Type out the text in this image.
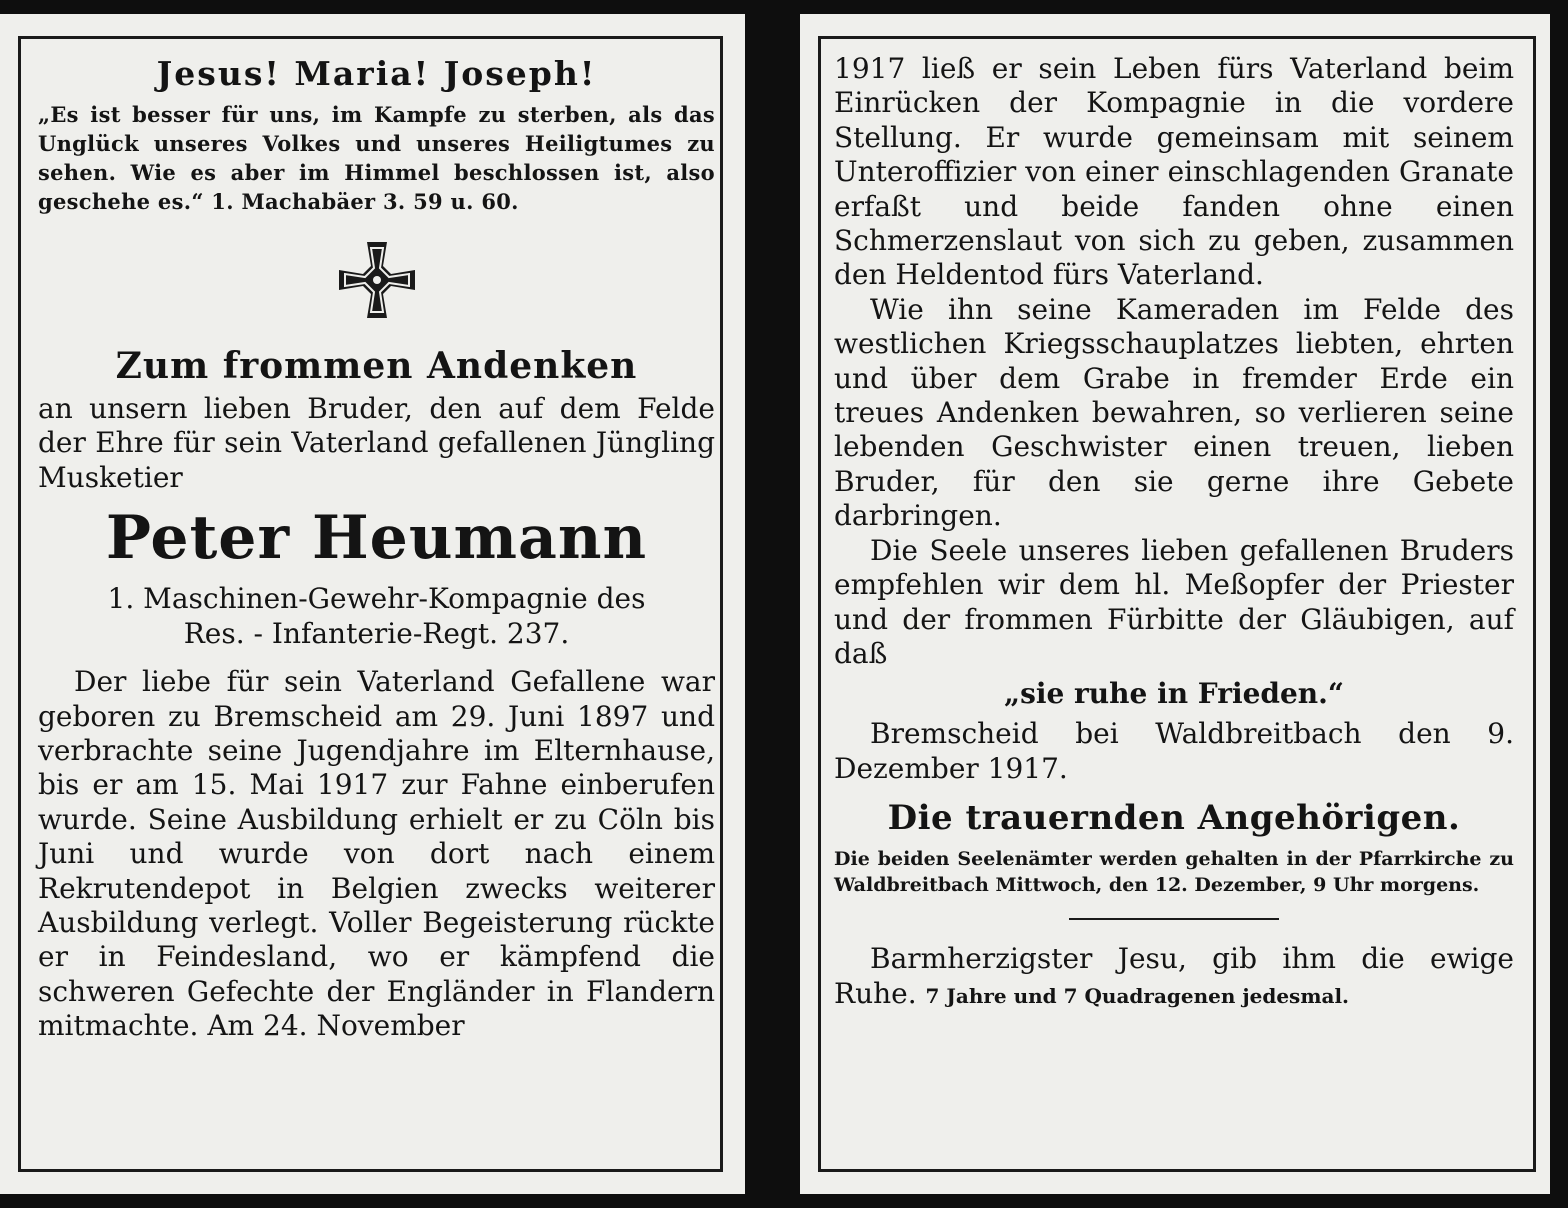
Jesus! Maria! Joseph!

„Es ist besser für uns, im Kampfe zu sterben, als das Unglück unseres Volkes und unseres Heiligtumes zu sehen. Wie es aber im Himmel beschlossen ist, also geschehe es.“ 1. Machabäer 3. 59 u. 60.

Zum frommen Andenken

an unsern lieben Bruder, den auf dem Felde der Ehre für sein Vaterland gefallenen Jüngling Musketier

Peter Heumann

1. Maschinen-Gewehr-Kompagnie des

Res. - Infanterie-Regt. 237.

Der liebe für sein Vaterland Gefallene war geboren zu Bremscheid am 29. Juni 1897 und verbrachte seine Jugendjahre im Elternhause, bis er am 15. Mai 1917 zur Fahne einberufen wurde. Seine Ausbildung erhielt er zu Cöln bis Juni und wurde von dort nach einem Rekrutendepot in Belgien zwecks weiterer Ausbildung verlegt. Voller Begeisterung rückte er in Feindesland, wo er kämpfend die schweren Gefechte der Engländer in Flandern mitmachte. Am 24. November

1917 ließ er sein Leben fürs Vaterland beim Einrücken der Kompagnie in die vordere Stellung. Er wurde gemeinsam mit seinem Unteroffizier von einer einschlagenden Granate erfaßt und beide fanden ohne einen Schmerzenslaut von sich zu geben, zusammen den Heldentod fürs Vaterland.

Wie ihn seine Kameraden im Felde des westlichen Kriegsschauplatzes liebten, ehrten und über dem Grabe in fremder Erde ein treues Andenken bewahren, so verlieren seine lebenden Geschwister einen treuen, lieben Bruder, für den sie gerne ihre Gebete darbringen.

Die Seele unseres lieben gefallenen Bruders empfehlen wir dem hl. Meßopfer der Priester und der frommen Fürbitte der Gläubigen, auf daß

„sie ruhe in Frieden.“

Bremscheid bei Waldbreitbach den 9. Dezember 1917.

Die trauernden Angehörigen.

Die beiden Seelenämter werden gehalten in der Pfarrkirche zu Waldbreitbach Mittwoch, den 12. Dezember, 9 Uhr morgens.

Barmherzigster Jesu, gib ihm die ewige Ruhe. 7 Jahre und 7 Quadragenen jedesmal.
